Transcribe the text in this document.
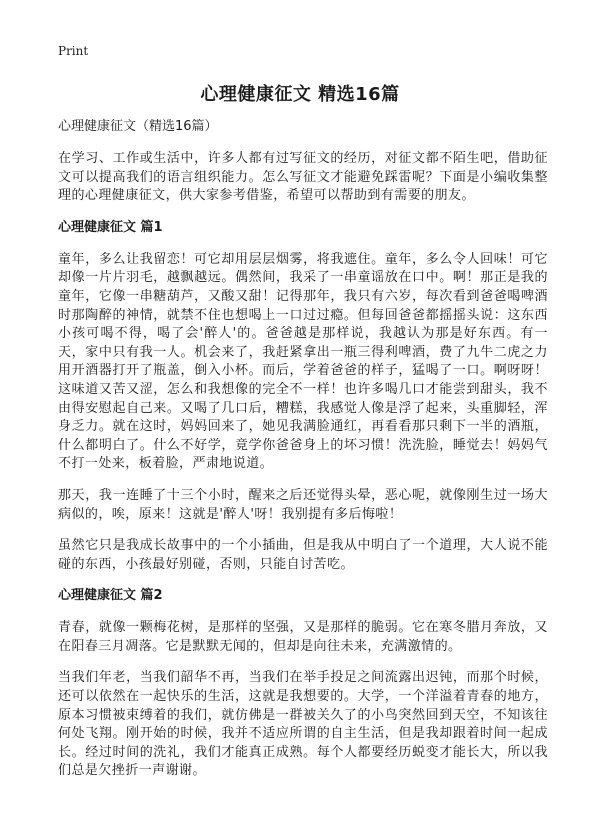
Print
心理健康征文 精选16篇
心理健康征文（精选16篇）

在学习、工作或生活中，许多人都有过写征文的经历，对征文都不陌生吧，借助征文可以提高我们的语言组织能力。怎么写征文才能避免踩雷呢？下面是小编收集整理的心理健康征文，供大家参考借鉴，希望可以帮助到有需要的朋友。

心理健康征文 篇1

童年，多么让我留恋！可它却用层层烟雾，将我遮住。童年，多么令人回味！可它却像一片片羽毛，越飘越远。偶然间，我采了一串童谣放在口中。啊！那正是我的童年，它像一串糖葫芦，又酸又甜！记得那年，我只有六岁，每次看到爸爸喝啤酒时那陶醉的神情，就禁不住也想喝上一口过过瘾。但每回爸爸都摇摇头说：这东西小孩可喝不得，喝了会'醉人'的。爸爸越是那样说，我越认为那是好东西。有一天，家中只有我一人。机会来了，我赶紧拿出一瓶三得利啤酒，费了九牛二虎之力用开酒器打开了瓶盖，倒入小杯。而后，学着爸爸的样子，猛喝了一口。啊呀呀！这味道又苦又涩，怎么和我想像的完全不一样！也许多喝几口才能尝到甜头，我不由得安慰起自己来。又喝了几口后，糟糕，我感觉人像是浮了起来，头重脚轻，浑身乏力。就在这时，妈妈回来了，她见我满脸通红，再看看那只剩下一半的酒瓶，什么都明白了。什么不好学，竟学你爸爸身上的坏习惯！洗洗脸，睡觉去！妈妈气不打一处来，板着脸，严肃地说道。

那天，我一连睡了十三个小时，醒来之后还觉得头晕，恶心呢，就像刚生过一场大病似的，唉，原来！这就是'醉人'呀！我别提有多后悔啦！

虽然它只是我成长故事中的一个小插曲，但是我从中明白了一个道理，大人说不能碰的东西，小孩最好别碰，否则，只能自讨苦吃。

心理健康征文 篇2

青春，就像一颗梅花树，是那样的坚强，又是那样的脆弱。它在寒冬腊月奔放，又在阳春三月凋落。它是默默无闻的，但却是向往未来，充满激情的。

当我们年老，当我们韶华不再，当我们在举手投足之间流露出迟钝，而那个时候，还可以依然在一起快乐的生活，这就是我想要的。大学，一个洋溢着青春的地方，原本习惯被束缚着的我们，就仿佛是一群被关久了的小鸟突然回到天空，不知该往何处飞翔。刚开始的时候，我并不适应所谓的自主生活，但是我却跟着时间一起成长。经过时间的洗礼，我们才能真正成熟。每个人都要经历蜕变才能长大，所以我们总是欠挫折一声谢谢。
